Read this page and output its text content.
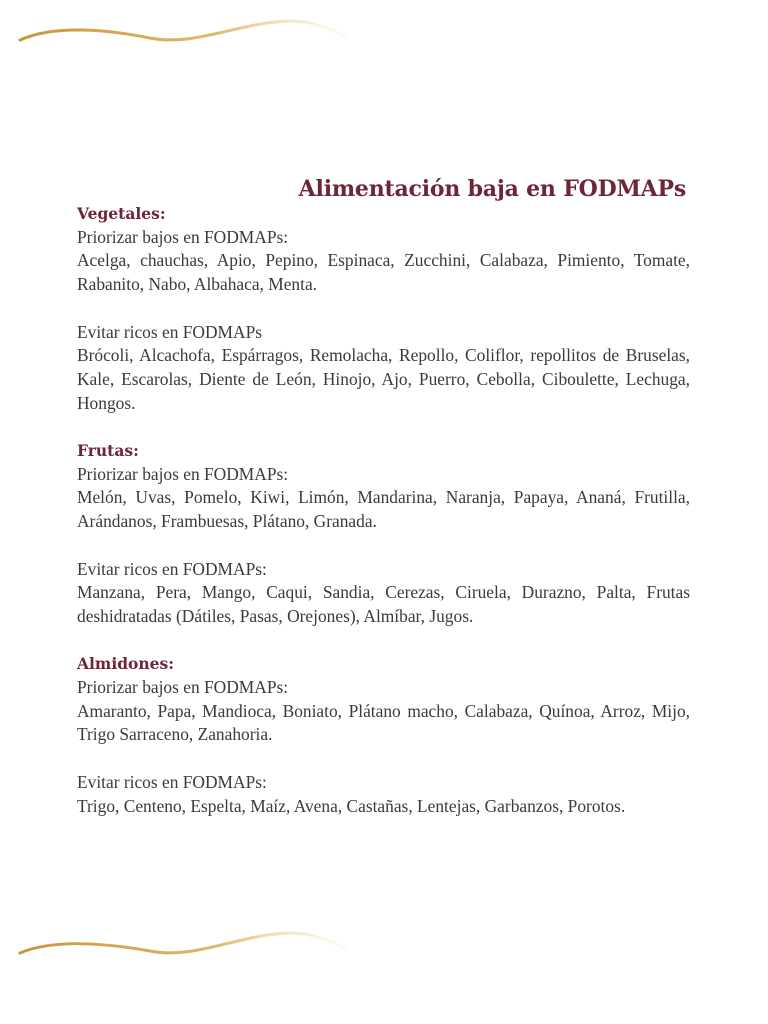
Alimentación baja en FODMAPs
Vegetales:
Priorizar bajos en FODMAPs:
Acelga, chauchas, Apio, Pepino, Espinaca, Zucchini, Calabaza, Pimiento, Tomate, Rabanito, Nabo, Albahaca, Menta.
Evitar ricos en FODMAPs
Brócoli, Alcachofa, Espárragos, Remolacha, Repollo, Coliflor, repollitos de Bruselas, Kale, Escarolas, Diente de León, Hinojo, Ajo, Puerro, Cebolla, Ciboulette, Lechuga, Hongos.
Frutas:
Priorizar bajos en FODMAPs:
Melón, Uvas, Pomelo, Kiwi, Limón, Mandarina, Naranja, Papaya, Ananá, Frutilla, Arándanos, Frambuesas, Plátano, Granada.
Evitar ricos en FODMAPs:
Manzana, Pera, Mango, Caqui, Sandia, Cerezas, Ciruela, Durazno, Palta, Frutas deshidratadas (Dátiles, Pasas, Orejones), Almíbar, Jugos.
Almidones:
Priorizar bajos en FODMAPs:
Amaranto, Papa, Mandioca, Boniato, Plátano macho, Calabaza, Quínoa, Arroz, Mijo, Trigo Sarraceno, Zanahoria.
Evitar ricos en FODMAPs:
Trigo, Centeno, Espelta, Maíz, Avena, Castañas, Lentejas, Garbanzos, Porotos.
